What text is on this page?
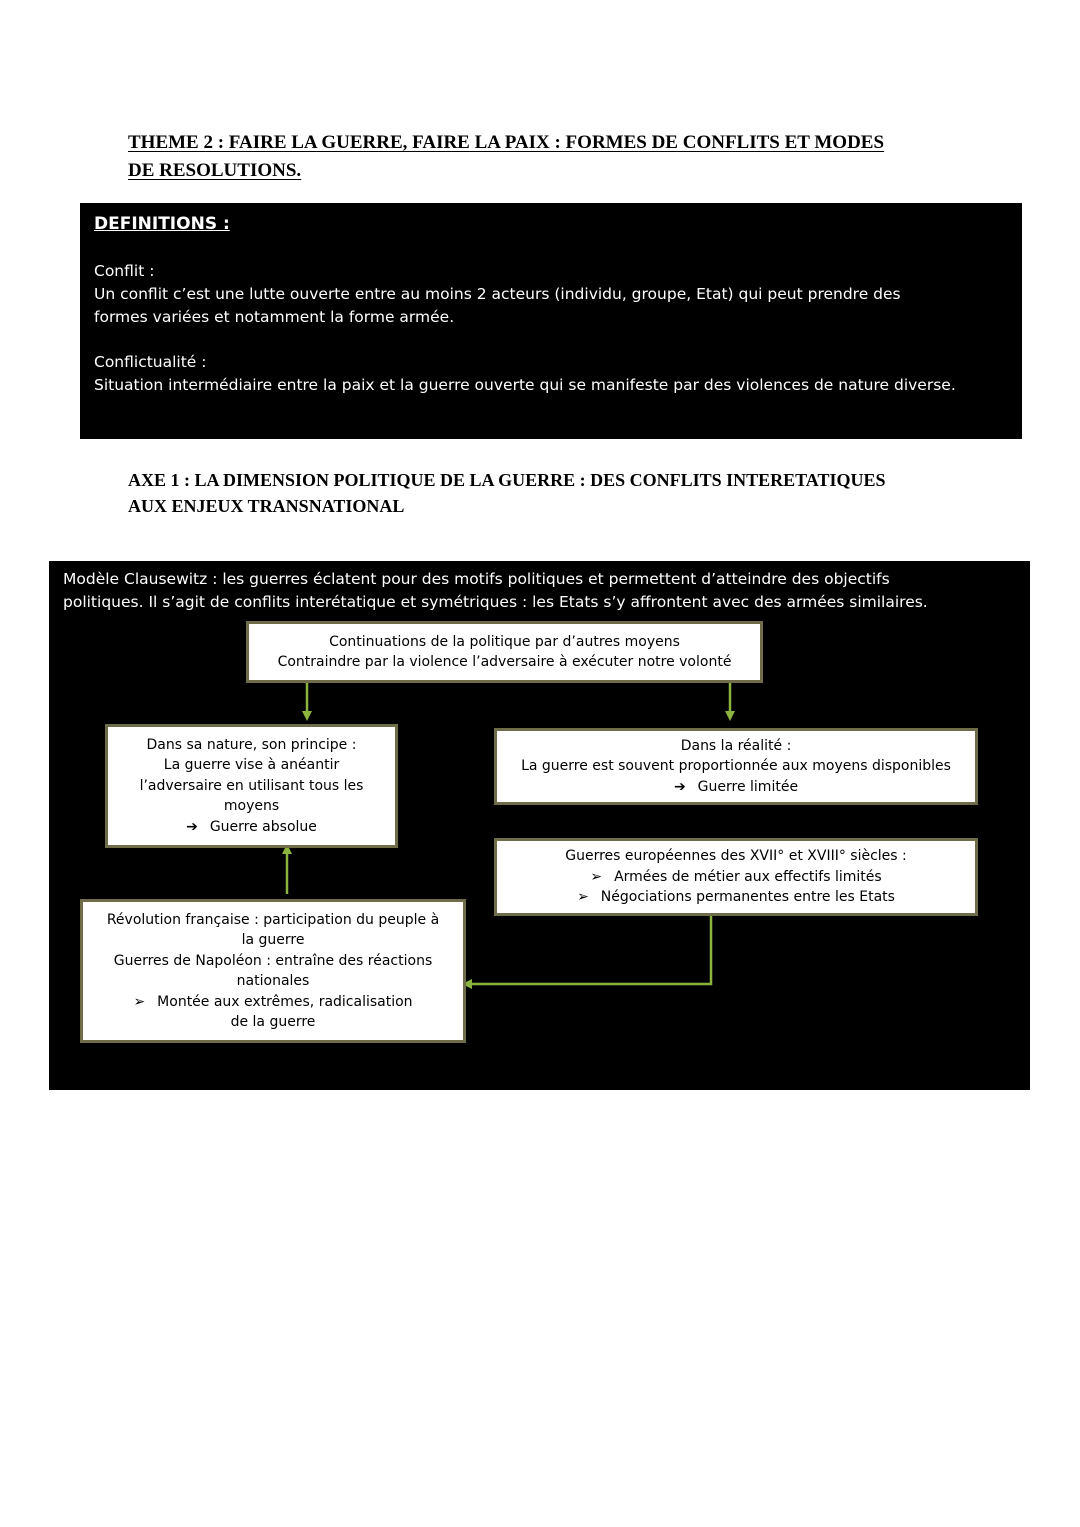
THEME 2 : FAIRE LA GUERRE, FAIRE LA PAIX : FORMES DE CONFLITS ET MODES
DE RESOLUTIONS.
DEFINITIONS :
Conflit :
Un conflit c’est une lutte ouverte entre au moins 2 acteurs (individu, groupe, Etat) qui peut prendre des
formes variées et notamment la forme armée.
Conflictualité :
Situation intermédiaire entre la paix et la guerre ouverte qui se manifeste par des violences de nature diverse.
AXE 1 : LA DIMENSION POLITIQUE DE LA GUERRE : DES CONFLITS INTERETATIQUES
AUX ENJEUX TRANSNATIONAL
Modèle Clausewitz : les guerres éclatent pour des motifs politiques et permettent d’atteindre des objectifs
politiques. Il s’agit de conflits interétatique et symétriques : les Etats s’y affrontent avec des armées similaires.
Continuations de la politique par d’autres moyens
Contraindre par la violence l’adversaire à exécuter notre volonté
Dans sa nature, son principe :
La guerre vise à anéantir
l’adversaire en utilisant tous les
moyens
➔ Guerre absolue
Dans la réalité :
La guerre est souvent proportionnée aux moyens disponibles
➔ Guerre limitée
Guerres européennes des XVII° et XVIII° siècles :
➢ Armées de métier aux effectifs limités
➢ Négociations permanentes entre les Etats
Révolution française : participation du peuple à
la guerre
Guerres de Napoléon : entraîne des réactions
nationales
➢ Montée aux extrêmes, radicalisation
de la guerre
